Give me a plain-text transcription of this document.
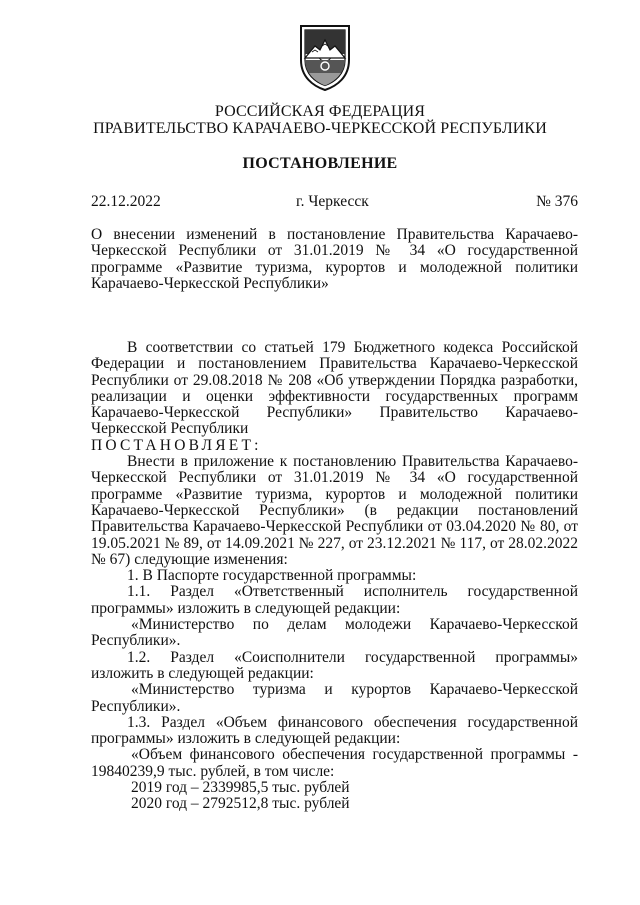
РОССИЙСКАЯ ФЕДЕРАЦИЯ
ПРАВИТЕЛЬСТВО КАРАЧАЕВО-ЧЕРКЕССКОЙ РЕСПУБЛИКИ
ПОСТАНОВЛЕНИЕ
22.12.2022	г. Черкесск	№ 376
О внесении изменений в постановление Правительства Карачаево-Черкесской Республики от 31.01.2019 № 34 «О государственной программе «Развитие туризма, курортов и молодежной политики Карачаево-Черкесской Республики»

В соответствии со статьей 179 Бюджетного кодекса Российской Федерации и постановлением Правительства Карачаево-Черкесской Республики от 29.08.2018 № 208 «Об утверждении Порядка разработки, реализации и оценки эффективности государственных программ Карачаево-Черкесской Республики» Правительство Карачаево-Черкесской Республики

ПОСТАНОВЛЯЕТ:

Внести в приложение к постановлению Правительства Карачаево-Черкесской Республики от 31.01.2019 № 34 «О государственной программе «Развитие туризма, курортов и молодежной политики Карачаево-Черкесской Республики» (в редакции постановлений Правительства Карачаево-Черкесской Республики от 03.04.2020 № 80, от 19.05.2021 № 89, от 14.09.2021 № 227, от 23.12.2021 № 117, от 28.02.2022 № 67) следующие изменения:

1. В Паспорте государственной программы:

1.1. Раздел «Ответственный исполнитель государственной программы» изложить в следующей редакции:

«Министерство по делам молодежи Карачаево-Черкесской Республики».

1.2. Раздел «Соисполнители государственной программы» изложить в следующей редакции:

«Министерство туризма и курортов Карачаево-Черкесской Республики».

1.3. Раздел «Объем финансового обеспечения государственной программы» изложить в следующей редакции:

«Объем финансового обеспечения государственной программы - 19840239,9 тыс. рублей, в том числе:

2019 год – 2339985,5 тыс. рублей

2020 год – 2792512,8 тыс. рублей
